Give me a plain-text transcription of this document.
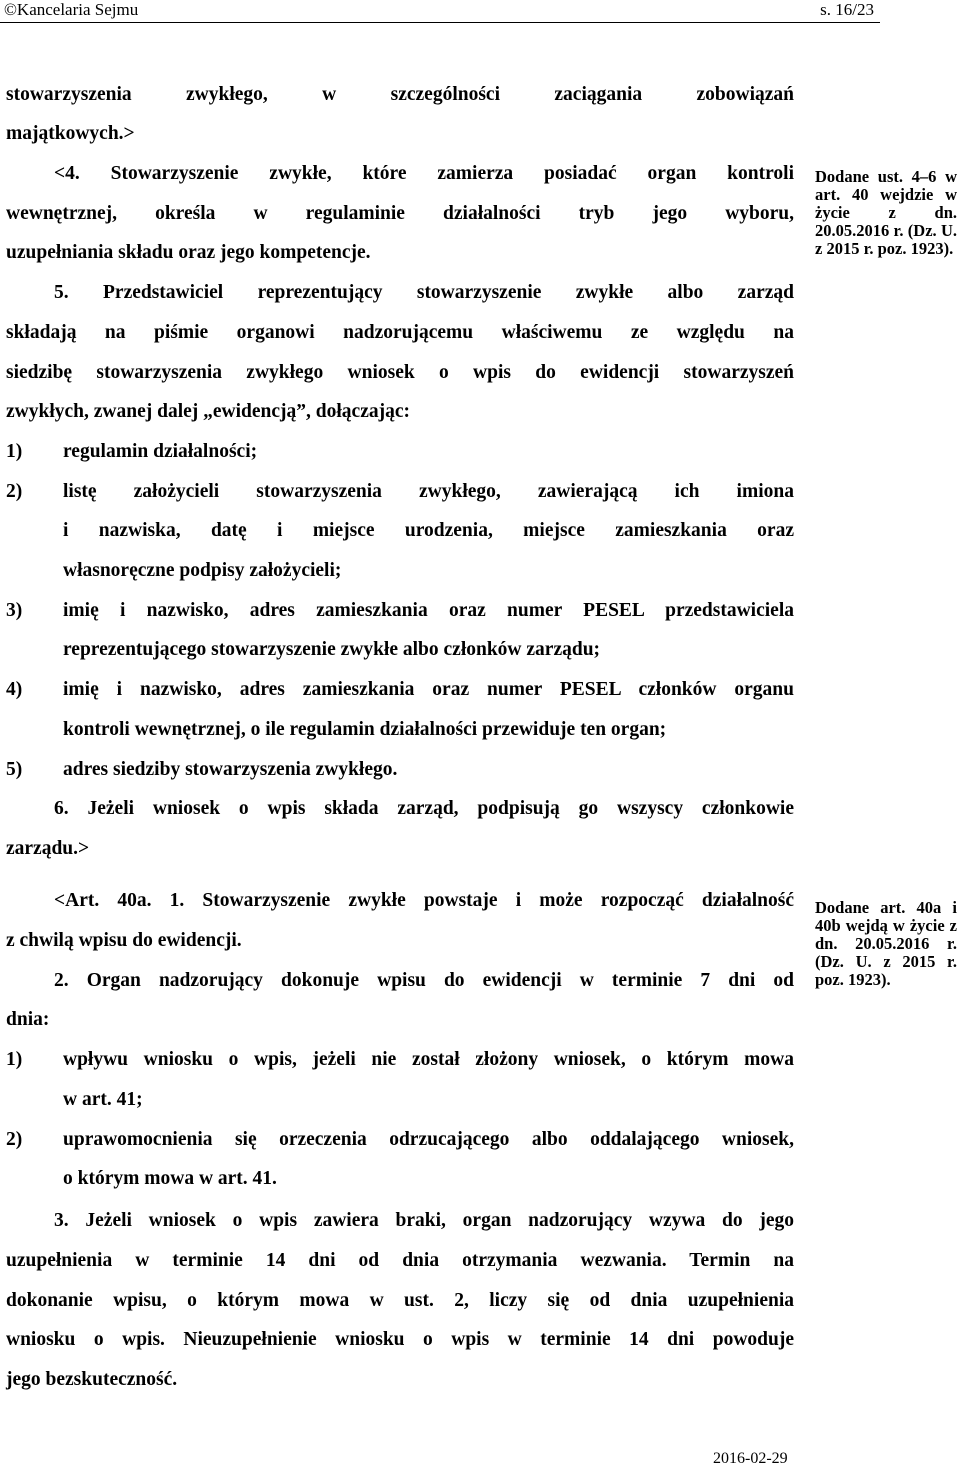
©Kancelaria Sejmu	s. 16/23
stowarzyszenia zwykłego, w szczególności zaciągania zobowiązań
majątkowych.>
<4. Stowarzyszenie zwykłe, które zamierza posiadać organ kontroli
wewnętrznej, określa w regulaminie działalności tryb jego wyboru,
uzupełniania składu oraz jego kompetencje.
5. Przedstawiciel reprezentujący stowarzyszenie zwykłe albo zarząd
składają na piśmie organowi nadzorującemu właściwemu ze względu na
siedzibę stowarzyszenia zwykłego wniosek o wpis do ewidencji stowarzyszeń
zwykłych, zwanej dalej „ewidencją”, dołączając:
1) regulamin działalności;
2) listę założycieli stowarzyszenia zwykłego, zawierającą ich imiona
i nazwiska, datę i miejsce urodzenia, miejsce zamieszkania oraz
własnoręczne podpisy założycieli;
3) imię i nazwisko, adres zamieszkania oraz numer PESEL przedstawiciela
reprezentującego stowarzyszenie zwykłe albo członków zarządu;
4) imię i nazwisko, adres zamieszkania oraz numer PESEL członków organu
kontroli wewnętrznej, o ile regulamin działalności przewiduje ten organ;
5) adres siedziby stowarzyszenia zwykłego.
6. Jeżeli wniosek o wpis składa zarząd, podpisują go wszyscy członkowie
zarządu.>
<Art. 40a. 1. Stowarzyszenie zwykłe powstaje i może rozpocząć działalność
z chwilą wpisu do ewidencji.
2. Organ nadzorujący dokonuje wpisu do ewidencji w terminie 7 dni od
dnia:
1) wpływu wniosku o wpis, jeżeli nie został złożony wniosek, o którym mowa
w art. 41;
2) uprawomocnienia się orzeczenia odrzucającego albo oddalającego wniosek,
o którym mowa w art. 41.
3. Jeżeli wniosek o wpis zawiera braki, organ nadzorujący wzywa do jego
uzupełnienia w terminie 14 dni od dnia otrzymania wezwania. Termin na
dokonanie wpisu, o którym mowa w ust. 2, liczy się od dnia uzupełnienia
wniosku o wpis. Nieuzupełnienie wniosku o wpis w terminie 14 dni powoduje
jego bezskuteczność.
Dodane ust. 4–6 w art. 40 wejdzie w życie z dn. 20.05.2016 r. (Dz. U. z 2015 r. poz. 1923).
Dodane art. 40a i 40b wejdą w życie z dn. 20.05.2016 r. (Dz. U. z 2015 r. poz. 1923).
2016-02-29
